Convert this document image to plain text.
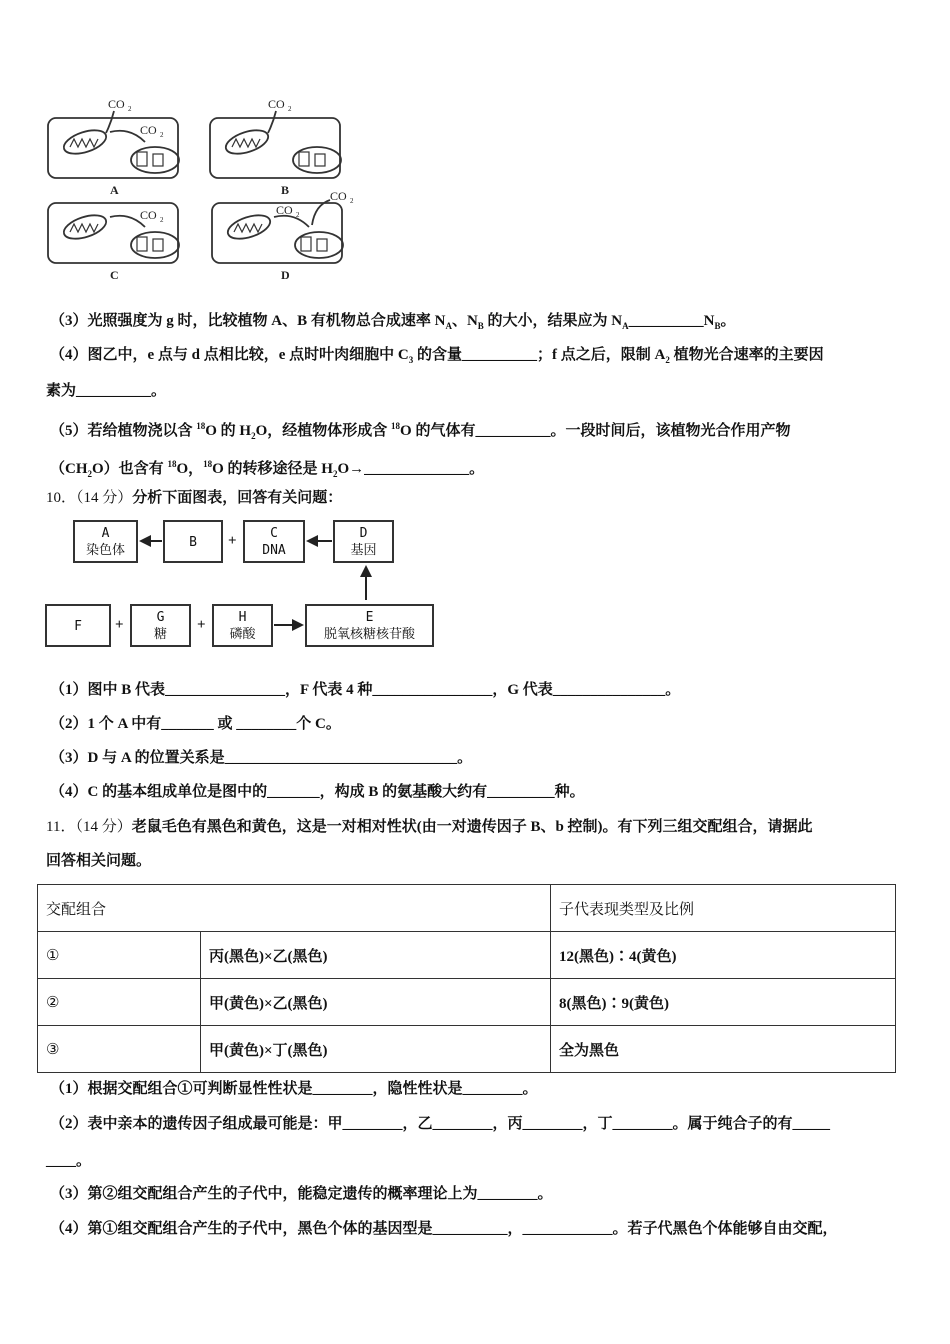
CO 2
CO 2
CO 2
CO 2
CO 2
CO 2
A	B
C	D
（3）光照强度为 g 时，比较植物 A、B 有机物总合成速率 $N_A$、$N_B$ 的大小，结果应为 $N_A\_\_\_\_\_\_\_\_\_\_N_B$。
（4）图乙中，e 点与 d 点相比较，e 点时叶肉细胞中 $C_3$ 的含量__________；f 点之后，限制 $A_2$ 植物光合速率的主要因
素为__________。
（5）若给植物浇以含 $^{18}$O 的 $H_2O$，经植物体形成含 $^{18}$O 的气体有__________。一段时间后，该植物光合作用产物
$(CH_2O)$也含有 $^{18}$O，$^{18}$O 的转移途径是 $H_2O\to\_\_\_\_\_\_\_\_\_\_\_\_\_\_$。
10．（14 分）分析下面图表，回答有关问题：
A
染色体
B
C
DNA
D
基因
F
G
糖
H
磷酸
E
脱氧核糖核苷酸
+
+	+
（1）图中 B 代表________________，F 代表 4 种________________，G 代表_______________。
（2）1 个 A 中有_______ 或 ________个 C。
（3）D 与 A 的位置关系是_______________________________。
（4）C 的基本组成单位是图中的_______，构成 B 的氨基酸大约有_________种。
11．（14 分）老鼠毛色有黑色和黄色，这是一对相对性状(由一对遗传因子 B、b 控制)。有下列三组交配组合，请据此
回答相关问题。
交配组合		子代表现类型及比例
①	丙(黑色)×乙(黑色)	12(黑色)∶4(黄色)
②	甲(黄色)×乙(黑色)	8(黑色)∶9(黄色)
③	甲(黄色)×丁(黑色)	全为黑色
（1）根据交配组合①可判断显性性状是________，隐性性状是________。
（2）表中亲本的遗传因子组成最可能是：甲________，乙________，丙________，丁________。属于纯合子的有_____
____。
（3）第②组交配组合产生的子代中，能稳定遗传的概率理论上为________。
（4）第①组交配组合产生的子代中，黑色个体的基因型是__________，____________。若子代黑色个体能够自由交配，
